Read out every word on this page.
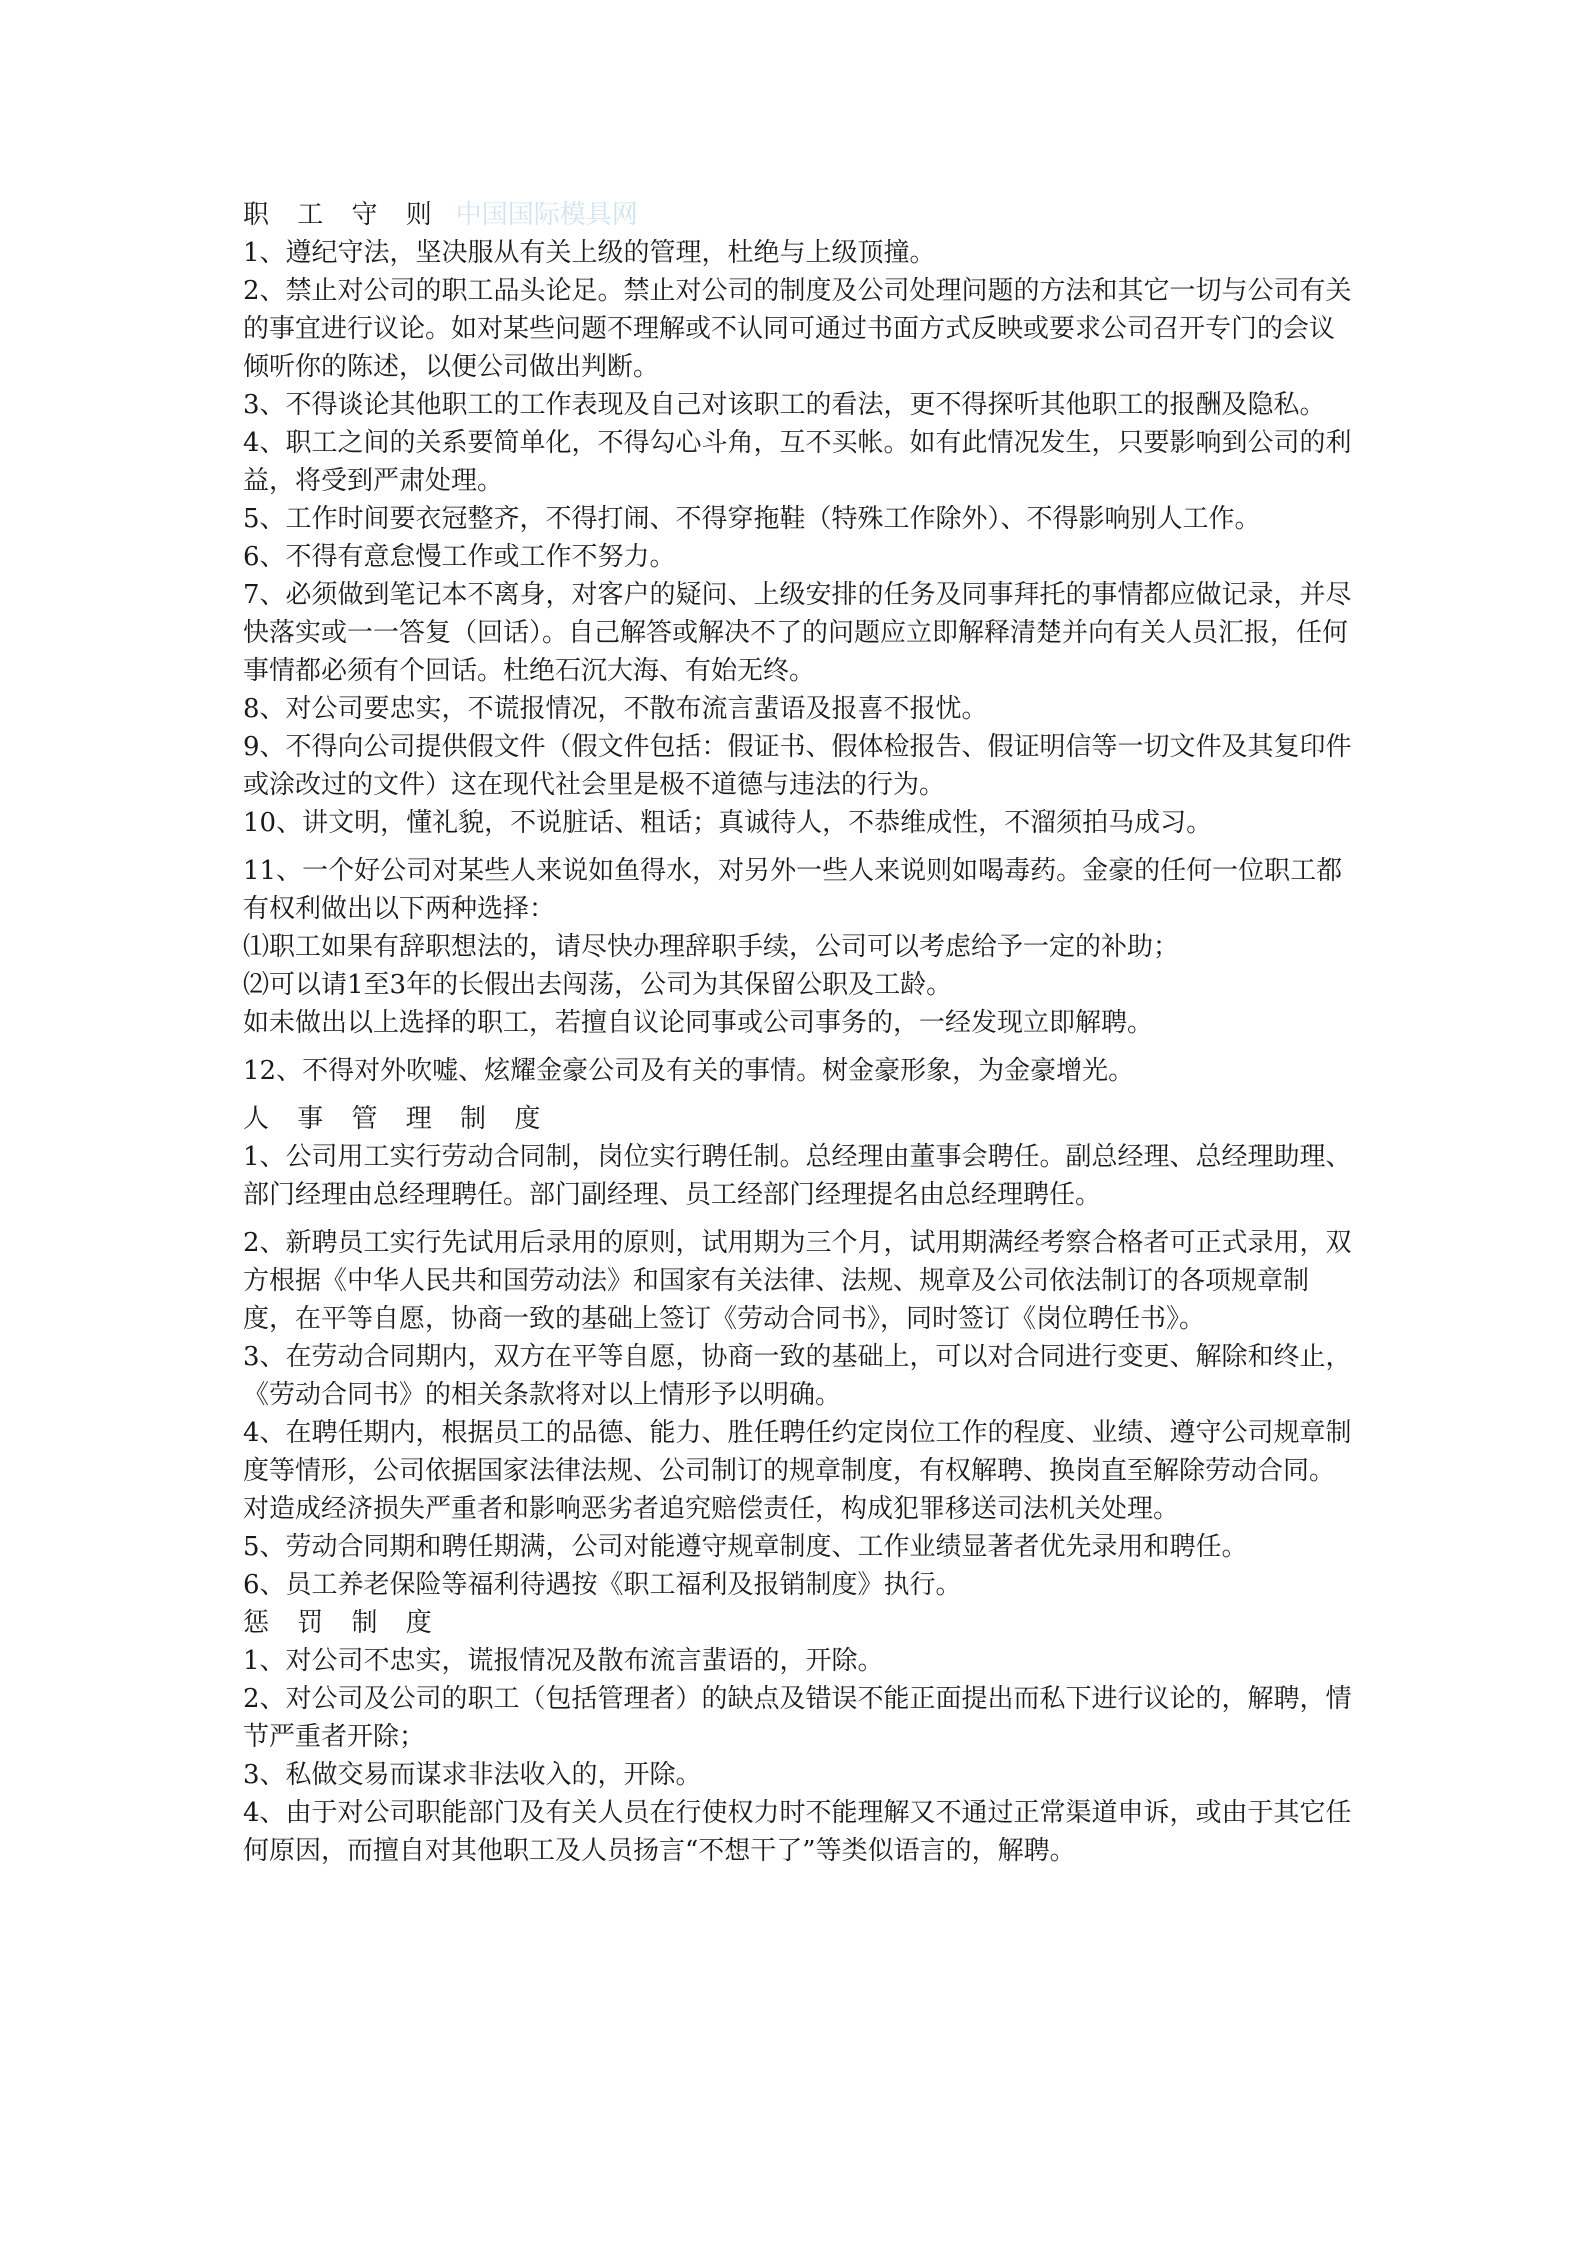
职 工 守 则 中国国际模具网

1、遵纪守法，坚决服从有关上级的管理，杜绝与上级顶撞。

2、禁止对公司的职工品头论足。禁止对公司的制度及公司处理问题的方法和其它一切与公司有关的事宜进行议论。如对某些问题不理解或不认同可通过书面方式反映或要求公司召开专门的会议倾听你的陈述，以便公司做出判断。

3、不得谈论其他职工的工作表现及自己对该职工的看法，更不得探听其他职工的报酬及隐私。

4、职工之间的关系要简单化，不得勾心斗角，互不买帐。如有此情况发生，只要影响到公司的利益，将受到严肃处理。

5、工作时间要衣冠整齐，不得打闹、不得穿拖鞋（特殊工作除外）、不得影响别人工作。

6、不得有意怠慢工作或工作不努力。

7、必须做到笔记本不离身，对客户的疑问、上级安排的任务及同事拜托的事情都应做记录，并尽快落实或一一答复（回话）。自己解答或解决不了的问题应立即解释清楚并向有关人员汇报，任何事情都必须有个回话。杜绝石沉大海、有始无终。

8、对公司要忠实，不谎报情况，不散布流言蜚语及报喜不报忧。

9、不得向公司提供假文件（假文件包括：假证书、假体检报告、假证明信等一切文件及其复印件或涂改过的文件）这在现代社会里是极不道德与违法的行为。

10、讲文明，懂礼貌，不说脏话、粗话；真诚待人，不恭维成性，不溜须拍马成习。

11、一个好公司对某些人来说如鱼得水，对另外一些人来说则如喝毒药。金豪的任何一位职工都有权利做出以下两种选择：

⑴职工如果有辞职想法的，请尽快办理辞职手续，公司可以考虑给予一定的补助；

⑵可以请1至3年的长假出去闯荡，公司为其保留公职及工龄。

如未做出以上选择的职工，若擅自议论同事或公司事务的，一经发现立即解聘。

12、不得对外吹嘘、炫耀金豪公司及有关的事情。树金豪形象，为金豪增光。

人 事 管 理 制 度

1、公司用工实行劳动合同制，岗位实行聘任制。总经理由董事会聘任。副总经理、总经理助理、部门经理由总经理聘任。部门副经理、员工经部门经理提名由总经理聘任。

2、新聘员工实行先试用后录用的原则，试用期为三个月，试用期满经考察合格者可正式录用，双方根据《中华人民共和国劳动法》和国家有关法律、法规、规章及公司依法制订的各项规章制度，在平等自愿，协商一致的基础上签订《劳动合同书》，同时签订《岗位聘任书》。

3、在劳动合同期内，双方在平等自愿，协商一致的基础上，可以对合同进行变更、解除和终止，《劳动合同书》的相关条款将对以上情形予以明确。

4、在聘任期内，根据员工的品德、能力、胜任聘任约定岗位工作的程度、业绩、遵守公司规章制度等情形，公司依据国家法律法规、公司制订的规章制度，有权解聘、换岗直至解除劳动合同。对造成经济损失严重者和影响恶劣者追究赔偿责任，构成犯罪移送司法机关处理。

5、劳动合同期和聘任期满，公司对能遵守规章制度、工作业绩显著者优先录用和聘任。

6、员工养老保险等福利待遇按《职工福利及报销制度》执行。

惩 罚 制 度

1、对公司不忠实，谎报情况及散布流言蜚语的，开除。

2、对公司及公司的职工（包括管理者）的缺点及错误不能正面提出而私下进行议论的，解聘，情节严重者开除；

3、私做交易而谋求非法收入的，开除。

4、由于对公司职能部门及有关人员在行使权力时不能理解又不通过正常渠道申诉，或由于其它任何原因，而擅自对其他职工及人员扬言“不想干了”等类似语言的，解聘。
